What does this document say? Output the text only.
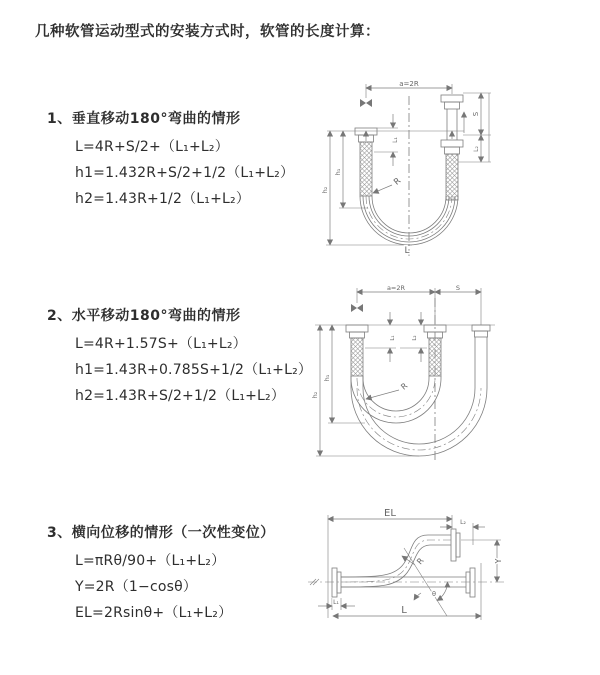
几种软管运动型式的安装方式时，软管的长度计算：
1、垂直移动180°弯曲的情形
L=4R+S/2+（L₁+L₂）
h1=1.432R+S/2+1/2（L₁+L₂）
h2=1.43R+1/2（L₁+L₂）
2、水平移动180°弯曲的情形
L=4R+1.57S+（L₁+L₂）
h1=1.43R+0.785S+1/2（L₁+L₂）
h2=1.43R+S/2+1/2（L₁+L₂）
3、横向位移的情形（一次性变位）
L=πRθ/90+（L₁+L₂）
Y=2R（1−cosθ）
EL=2Rsinθ+（L₁+L₂）
a=2R
h₂
h₁
L₁
S
L₂
R
L
a=2R	S
h₂
h₁
L₁	L₂
R
EL
L₂
Y
R
θ
L
L₁
